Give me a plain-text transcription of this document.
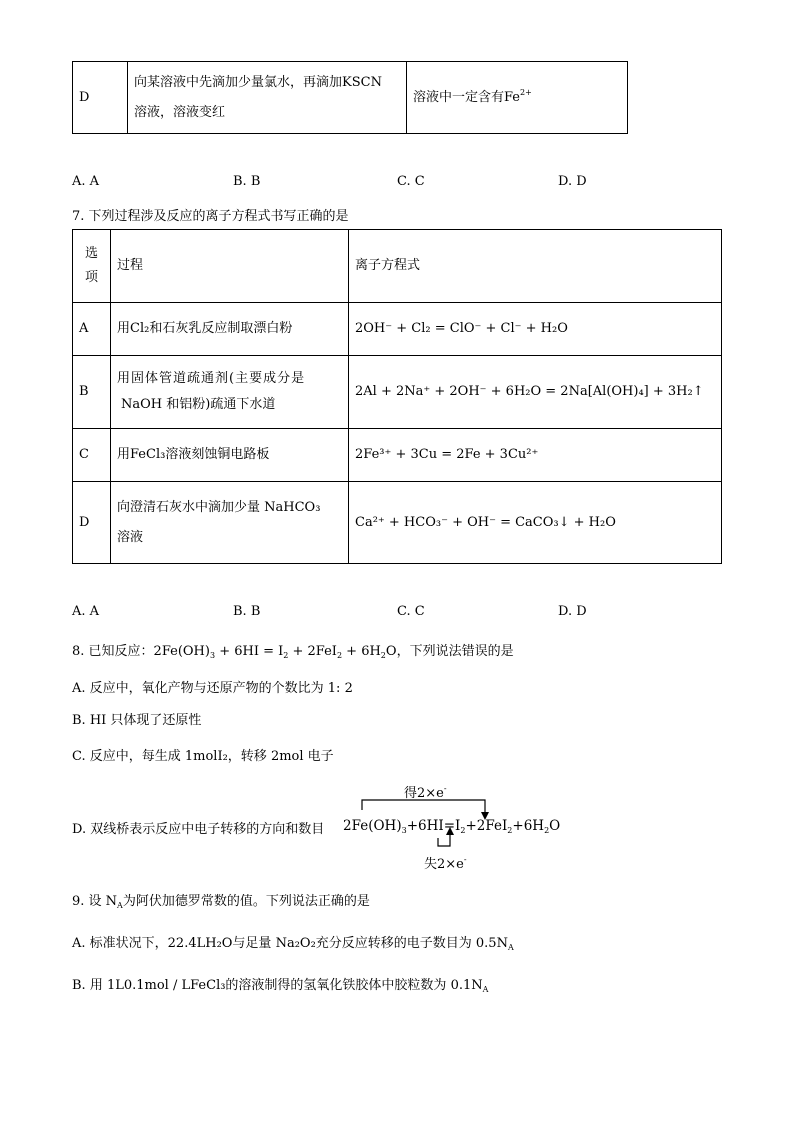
D	
向某溶液中先滴加少量氯水，再滴加KSCN
溶液，溶液变红
	溶液中一定含有$Fe^{2+}$
A. A	B. B	C. C	D. D
7. 下列过程涉及反应的离子方程式书写正确的是
选
项	过程	离子方程式
A	用Cl₂和石灰乳反应制取漂白粉	2OH⁻ + Cl₂ = ClO⁻ + Cl⁻ + H₂O
B	用固体管道疏通剂(主要成分是
NaOH 和铝粉)疏通下水道	2Al + 2Na⁺ + 2OH⁻ + 6H₂O = 2Na[Al(OH)₄] + 3H₂↑
C	用FeCl₃溶液刻蚀铜电路板	2Fe³⁺ + 3Cu = 2Fe + 3Cu²⁺
D	向澄清石灰水中滴加少量 NaHCO₃
溶液	Ca²⁺ + HCO₃⁻ + OH⁻ = CaCO₃↓ + H₂O
A. A	B. B	C. C	D. D
8. 已知反应：$2Fe(OH)_3 + 6HI = I_2 + 2FeI_2 + 6H_2O$，下列说法错误的是
A. 反应中，氧化产物与还原产物的个数比为 1: 2
B. HI 只体现了还原性
C. 反应中，每生成 1molI₂，转移 2mol 电子
D. 双线桥表示反应中电子转移的方向和数目
得2×e-
$2Fe(OH)_3+6HI=I_2+2FeI_2+6H_2O$
失2×e-
9. 设 $N_A$为阿伏加德罗常数的值。下列说法正确的是
A. 标准状况下，22.4LH₂O与足量 Na₂O₂充分反应转移的电子数目为 $0.5N_A$
B. 用 1L0.1mol / LFeCl₃的溶液制得的氢氧化铁胶体中胶粒数为 $0.1N_A$
